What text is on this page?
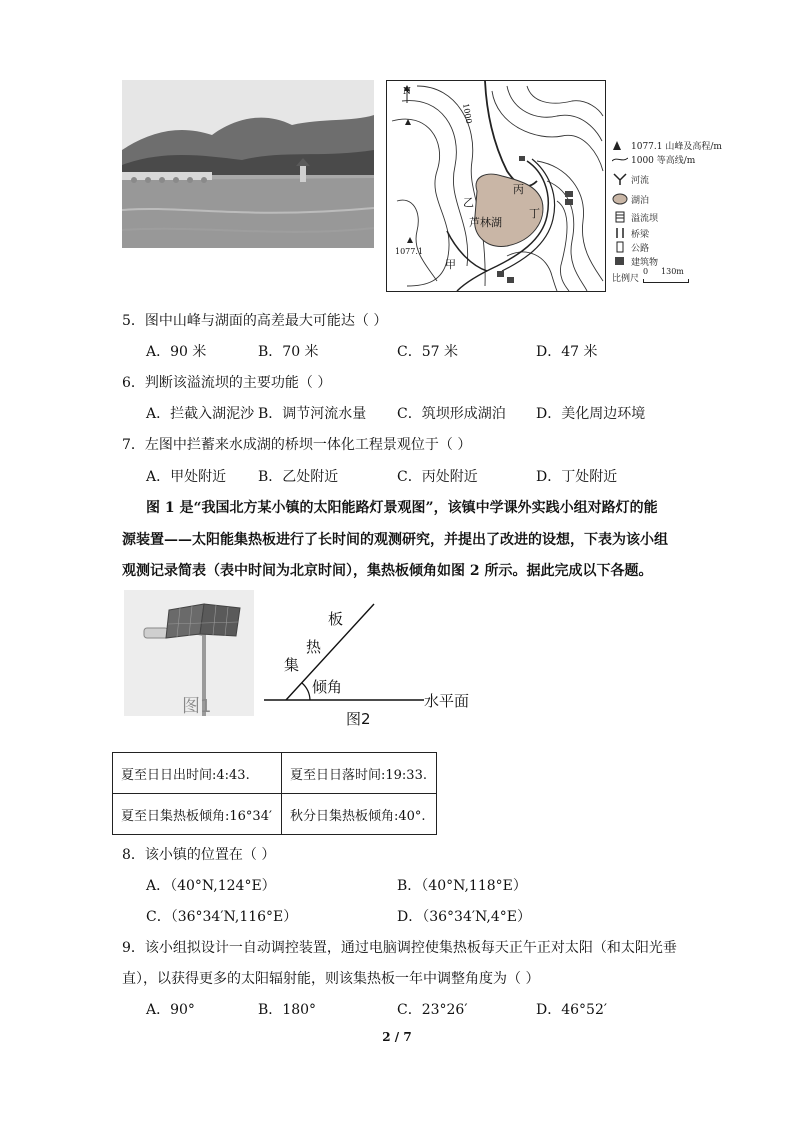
N
1000
1077.1
芦林湖
甲
乙
丙
丁
1077.1 山峰及高程/m
1000 等高线/m
河流
湖泊
溢流坝
桥梁
公路
建筑物
比例尺
0 130m
5．图中山峰与湖面的高差最大可能达（ ）
A．90 米	B．70 米	C．57 米	D．47 米
6．判断该溢流坝的主要功能（ ）
A．拦截入湖泥沙 B．调节河流水量 C．筑坝形成湖泊 D．美化周边环境
7．左图中拦蓄来水成湖的桥坝一体化工程景观位于（ ）
A．甲处附近 B．乙处附近	C．丙处附近	D．丁处附近
图 1 是“我国北方某小镇的太阳能路灯景观图”，该镇中学课外实践小组对路灯的能
源装置——太阳能集热板进行了长时间的观测研究，并提出了改进的设想，下表为该小组
观测记录简表（表中时间为北京时间），集热板倾角如图 2 所示。据此完成以下各题。
图1
板
热
集
倾角
水平面
图2
夏至日日出时间:4:43.	夏至日日落时间:19:33.
夏至日集热板倾角:16°34′	秋分日集热板倾角:40°.
8．该小镇的位置在（ ）
A．（40°N,124°E）	B．（40°N,118°E）
C．（36°34′N,116°E）	D．（36°34′N,4°E）
9．该小组拟设计一自动调控装置，通过电脑调控使集热板每天正午正对太阳（和太阳光垂
直），以获得更多的太阳辐射能，则该集热板一年中调整角度为（ ）
A．90°	B．180°	C．23°26′	D．46°52′
2 / 7
